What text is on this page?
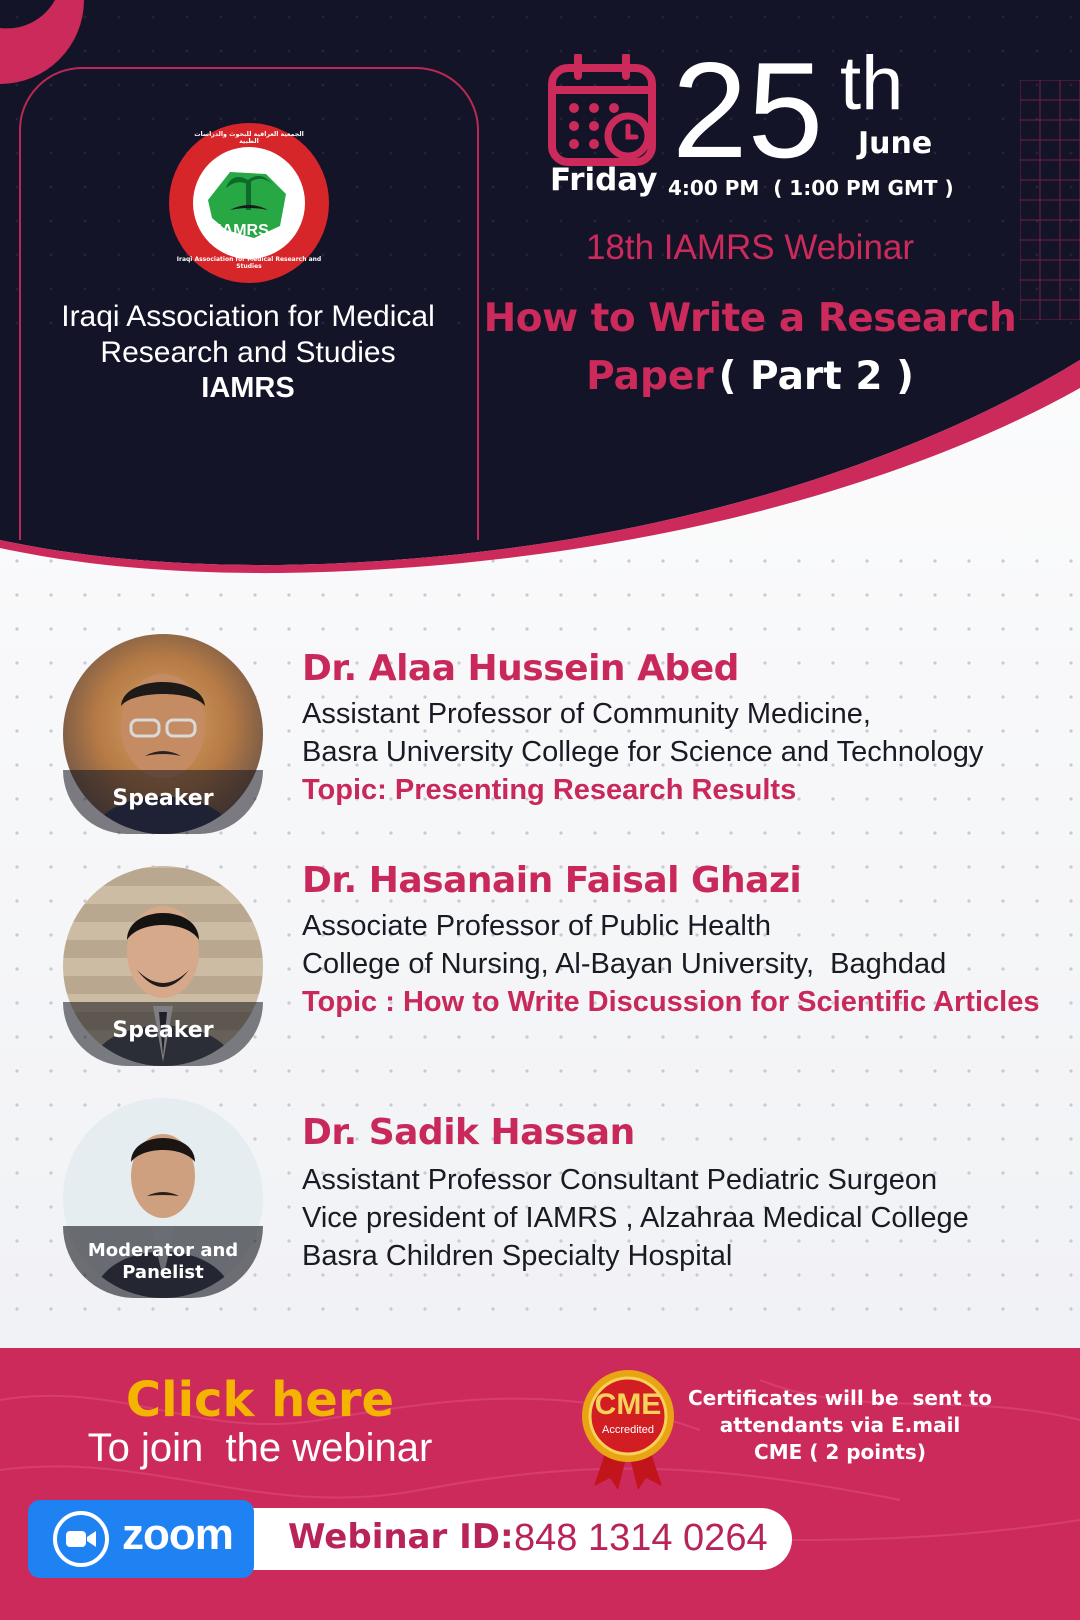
IAMRS
الجمعية العراقية للبحوث والدراسات الطبية
Iraqi Association for Medical Research and Studies
Iraqi Association for Medical
Research and Studies
IAMRS
25 th
June
Friday 4:00 PM  ( 1:00 PM GMT )
18th IAMRS Webinar
How to Write a Research
Paper ( Part 2 )
Speaker
Dr. Alaa Hussein Abed
Assistant Professor of Community Medicine,
Basra University College for Science and Technology
Topic: Presenting Research Results
Speaker
Dr. Hasanain Faisal Ghazi
Associate Professor of Public Health
College of Nursing, Al-Bayan University,  Baghdad
Topic : How to Write Discussion for Scientific Articles
Moderator and
Panelist
Dr. Sadik Hassan
Assistant Professor Consultant Pediatric Surgeon
Vice president of IAMRS , Alzahraa Medical College
Basra Children Specialty Hospital
Click here
To join  the webinar
CME
Accredited
Certificates will be  sent to
attendants via E.mail
CME ( 2 points)
zoom Webinar ID: 848 1314 0264
